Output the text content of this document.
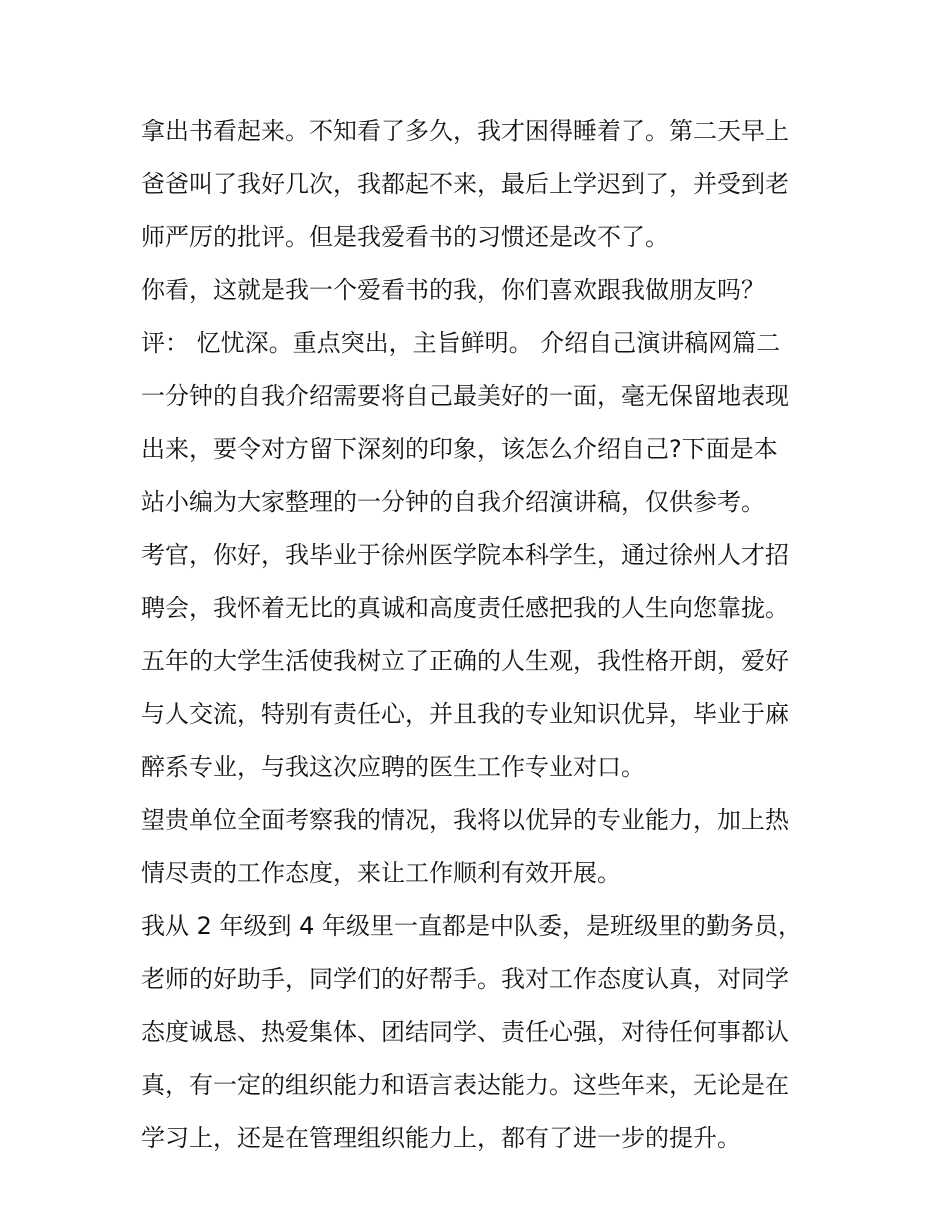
拿出书看起来。不知看了多久，我才困得睡着了。第二天早上
爸爸叫了我好几次，我都起不来，最后上学迟到了，并受到老
师严厉的批评。但是我爱看书的习惯还是改不了。
你看，这就是我一个爱看书的我，你们喜欢跟我做朋友吗？
评： 忆忧深。重点突出，主旨鲜明。 介绍自己演讲稿网篇二
一分钟的自我介绍需要将自己最美好的一面，毫无保留地表现
出来，要令对方留下深刻的印象，该怎么介绍自己?下面是本
站小编为大家整理的一分钟的自我介绍演讲稿，仅供参考。
考官，你好，我毕业于徐州医学院本科学生，通过徐州人才招
聘会，我怀着无比的真诚和高度责任感把我的人生向您靠拢。
五年的大学生活使我树立了正确的人生观，我性格开朗，爱好
与人交流，特别有责任心，并且我的专业知识优异，毕业于麻
醉系专业，与我这次应聘的医生工作专业对口。
望贵单位全面考察我的情况，我将以优异的专业能力，加上热
情尽责的工作态度，来让工作顺利有效开展。
我从 2 年级到 4 年级里一直都是中队委，是班级里的勤务员，
老师的好助手，同学们的好帮手。我对工作态度认真，对同学
态度诚恳、热爱集体、团结同学、责任心强，对待任何事都认
真，有一定的组织能力和语言表达能力。这些年来，无论是在
学习上，还是在管理组织能力上，都有了进一步的提升。
